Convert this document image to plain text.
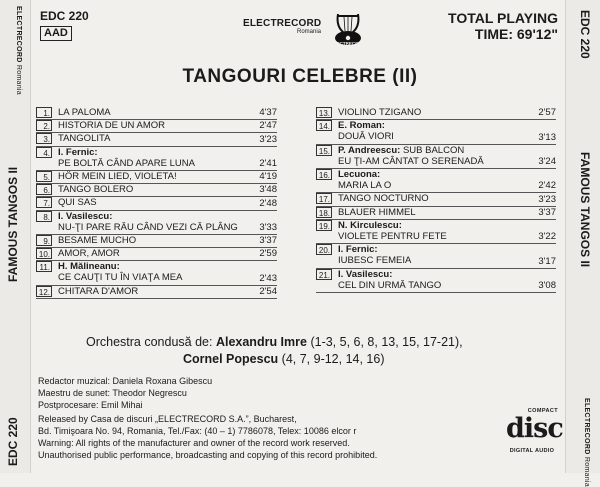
ELECTRECORD Romania
FAMOUS TANGOS II
EDC 220
EDC 220
FAMOUS TANGOS II
ELECTRECORD Romania
EDC 220
AAD
ELECTRECORD
Romania
ELECTRECORD
TOTAL PLAYING
TIME: 69'12"
TANGOURI CELEBRE (II)
1. LA PALOMA	4'37
2. HISTORIA DE UN AMOR	2'47
3. TANGOLITA	3'23
4. I. Fernic:
PE BOLTĂ CÂND APARE LUNA	2'41
5. HÖR MEIN LIED, VIOLETA!	4'19
6. TANGO BOLERO	3'48
7. QUI SAS	2'48
8. I. Vasilescu:
NU-ŢI PARE RĂU CÂND VEZI CĂ PLÂNG 3'33
9. BESAME MUCHO	3'37
10. AMOR, AMOR	2'59
11. H. Mălineanu:
CE CAUŢI TU ÎN VIAŢA MEA	2'43
12. CHITARA D'AMOR	2'54
13. VIOLINO TZIGANO	2'57
14. E. Roman:
DOUĂ VIORI	3'13
15. P. Andreescu: SUB BALCON
EU ŢI-AM CÂNTAT O SERENADĂ	3'24
16. Lecuona:
MARIA LA O	2'42
17. TANGO NOCTURNO	3'23
18. BLAUER HIMMEL	3'37
19. N. Kirculescu:
VIOLETE PENTRU FETE	3'22
20. I. Fernic:
IUBESC FEMEIA	3'17
21. I. Vasilescu:
CEL DIN URMĂ TANGO	3'08
Orchestra condusă de: Alexandru Imre (1-3, 5, 6, 8, 13, 15, 17-21),
Cornel Popescu (4, 7, 9-12, 14, 16)
Redactor muzical: Daniela Roxana Gibescu
Maestru de sunet: Theodor Negrescu
Postprocesare: Emil Mihai
Released by Casa de discuri „ELECTRECORD S.A.”, Bucharest,
Bd. Timişoara No. 94, Romania, Tel./Fax: (40 – 1) 7786078, Telex: 10086 elcor r
Warning: All rights of the manufacturer and owner of the record work reserved.
Unauthorised public performance, broadcasting and copying of this record prohibited.
COMPACT
disc
DIGITAL AUDIO
